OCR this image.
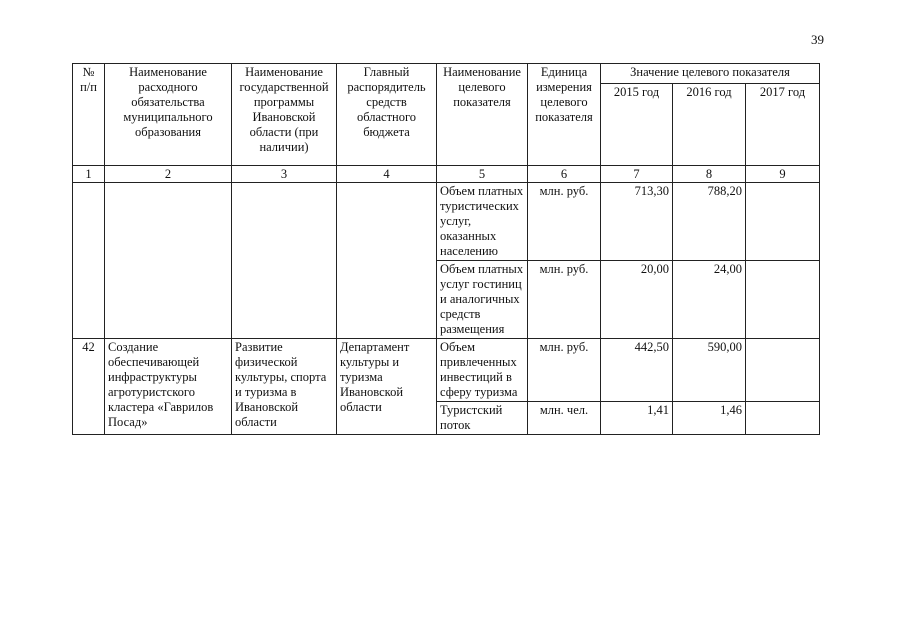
39
№ п/п	Наименование расходного обязательства муниципального образования	Наименование государственной программы Ивановской области (при наличии)	Главный распорядитель средств областного бюджета	Наименование целевого показателя	Единица измерения целевого показателя	Значение целевого показателя		
						2015 год	2016 год	2017 год
1	2	3	4	5	6	7	8	9
				Объем платных туристических услуг, оказанных населению	млн. руб.	713,30	788,20	
				Объем платных услуг гостиниц и аналогичных средств размещения	млн. руб.	20,00	24,00	
42	Создание обеспечивающей инфраструктуры агротуристского кластера «Гаврилов Посад»	Развитие физической культуры, спорта и туризма в Ивановской области	Департамент культуры и туризма Ивановской области	Объем привлеченных инвестиций в сферу туризма	млн. руб.	442,50	590,00	
				Туристский поток	млн. чел.	1,41	1,46	
